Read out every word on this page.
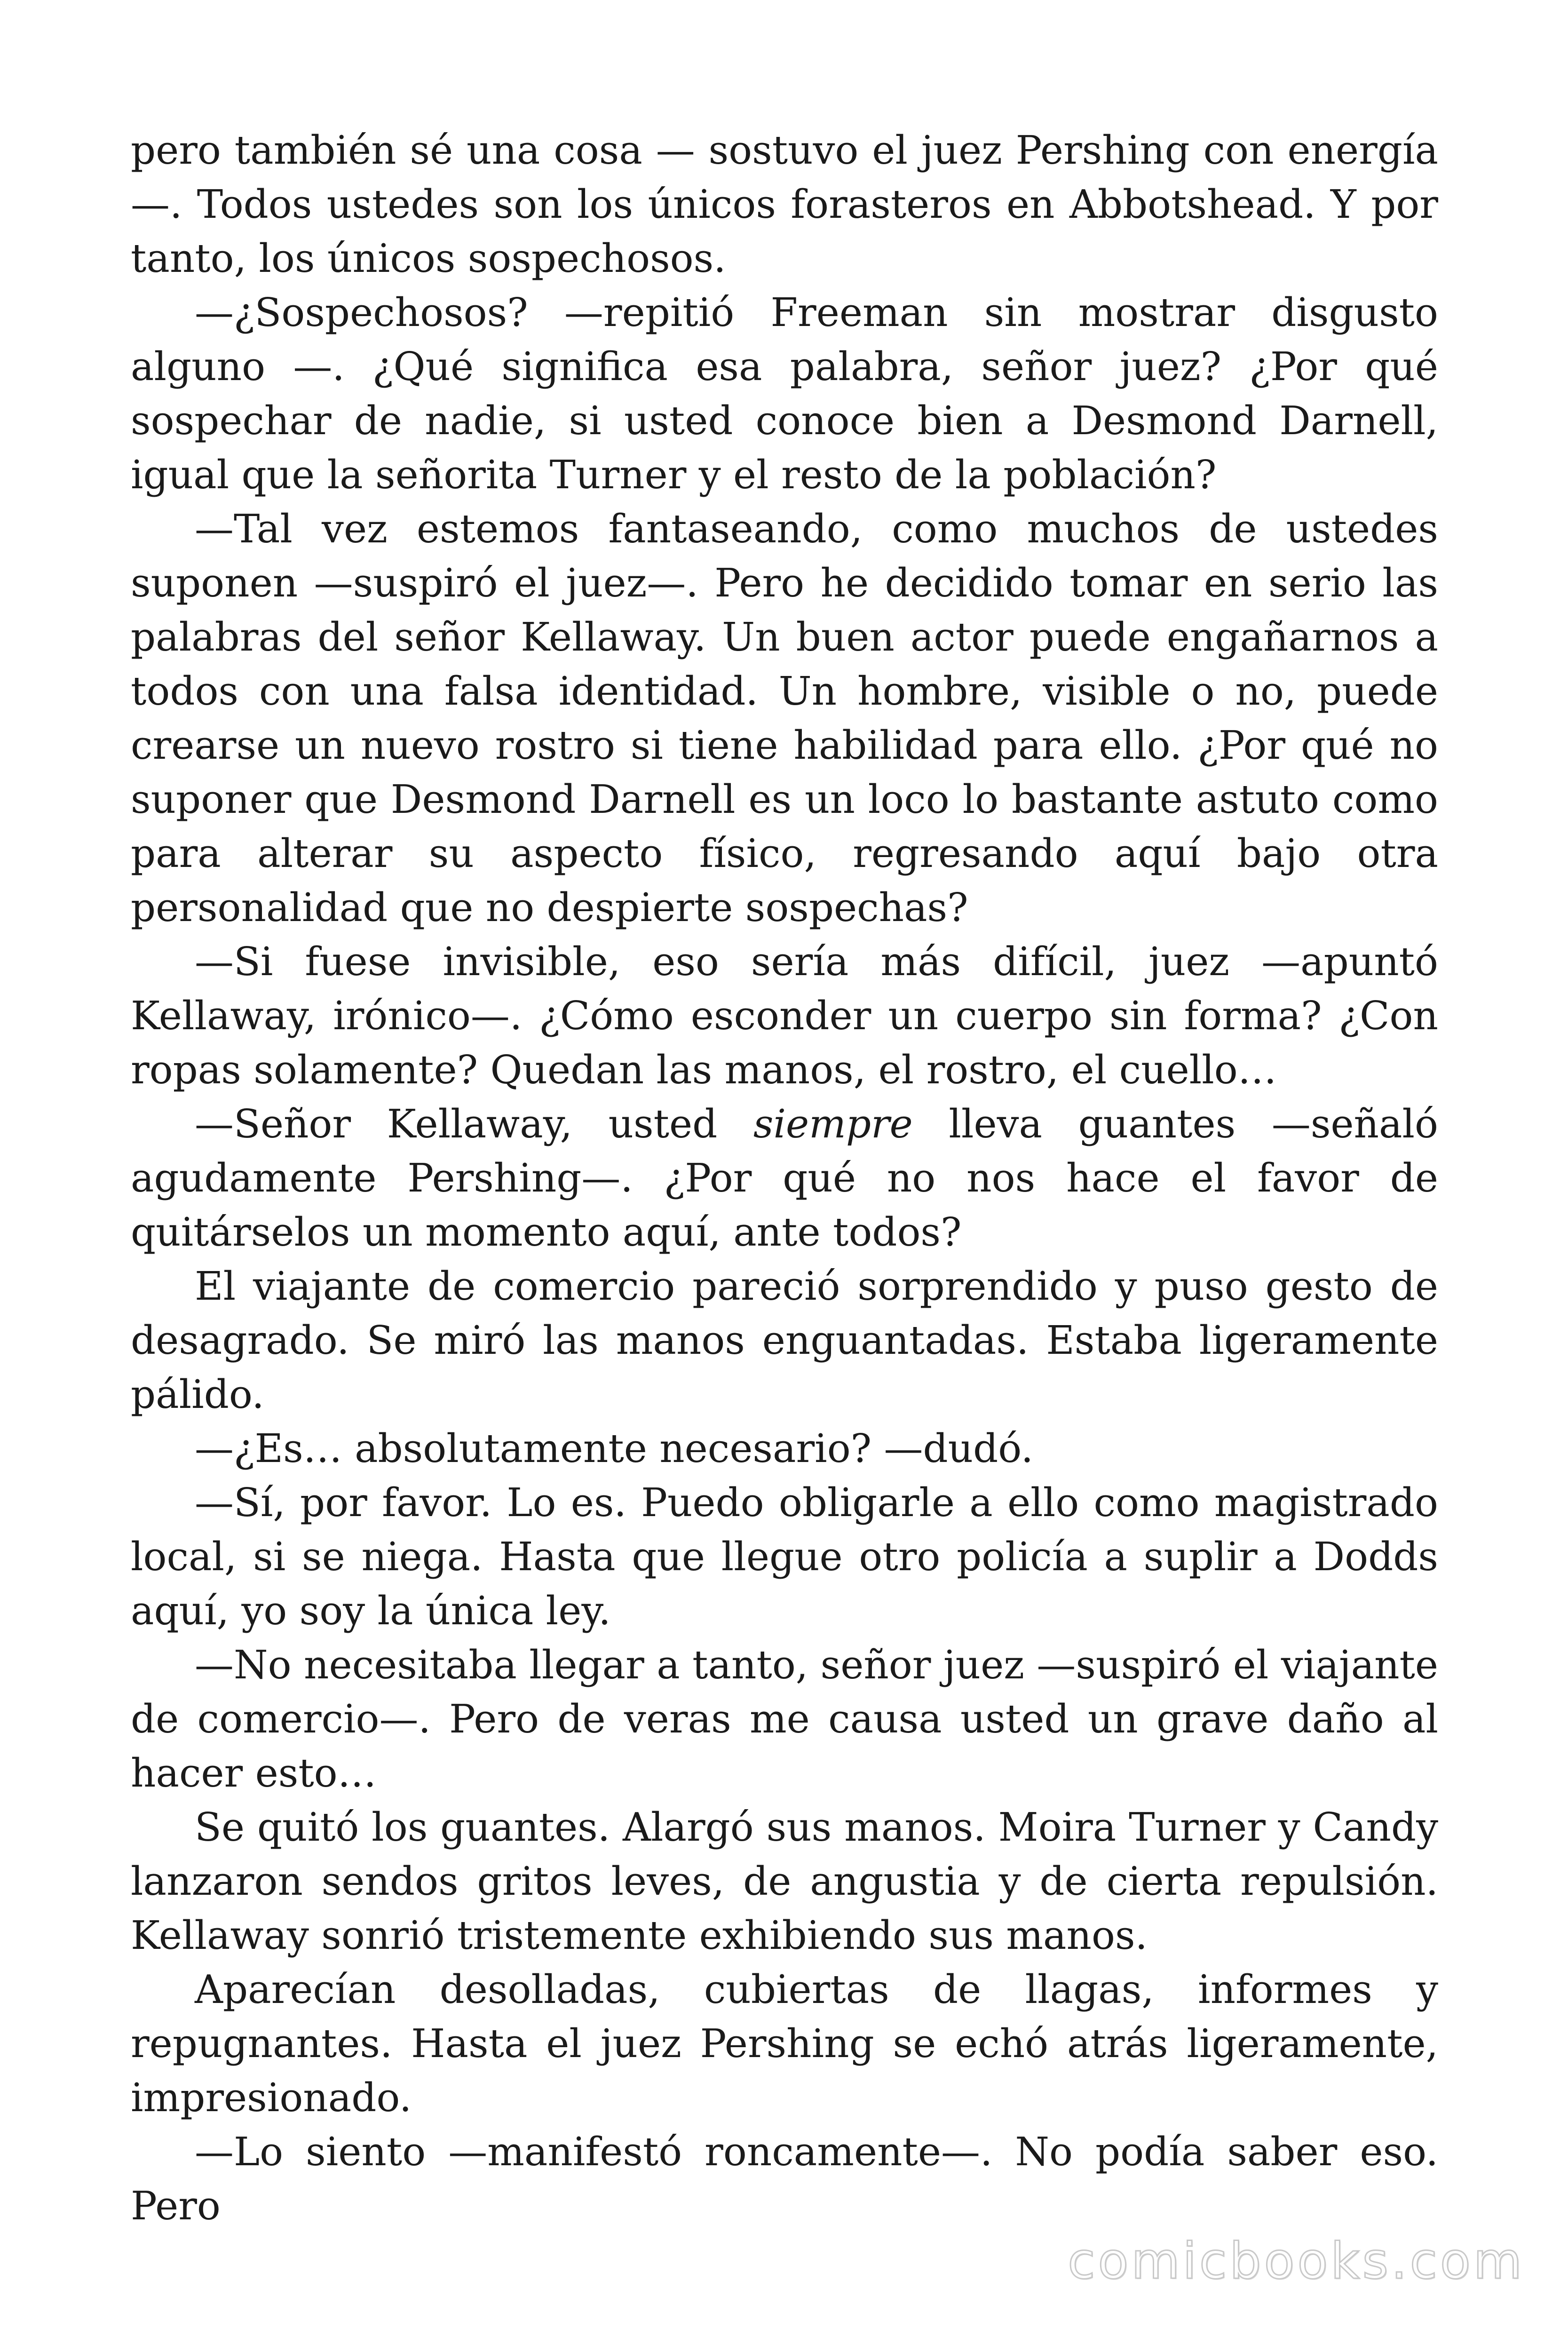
pero también sé una cosa — sostuvo el juez Pershing con energía—. Todos ustedes son los únicos forasteros en Abbotshead. Y por tanto, los únicos sospechosos.

—¿Sospechosos? —repitió Freeman sin mostrar disgusto alguno —. ¿Qué significa esa palabra, señor juez? ¿Por qué sospechar de nadie, si usted conoce bien a Desmond Darnell, igual que la señorita Turner y el resto de la población?

—Tal vez estemos fantaseando, como muchos de ustedes suponen —suspiró el juez—. Pero he decidido tomar en serio las palabras del señor Kellaway. Un buen actor puede engañarnos a todos con una falsa identidad. Un hombre, visible o no, puede crearse un nuevo rostro si tiene habilidad para ello. ¿Por qué no suponer que Desmond Darnell es un loco lo bastante astuto como para alterar su aspecto físico, regresando aquí bajo otra personalidad que no despierte sospechas?

—Si fuese invisible, eso sería más difícil, juez —apuntó Kellaway, irónico—. ¿Cómo esconder un cuerpo sin forma? ¿Con ropas solamente? Quedan las manos, el rostro, el cuello…

—Señor Kellaway, usted siempre lleva guantes —señaló agudamente Pershing—. ¿Por qué no nos hace el favor de quitárselos un momento aquí, ante todos?

El viajante de comercio pareció sorprendido y puso gesto de desagrado. Se miró las manos enguantadas. Estaba ligeramente pálido.

—¿Es… absolutamente necesario? —dudó.

—Sí, por favor. Lo es. Puedo obligarle a ello como magistrado local, si se niega. Hasta que llegue otro policía a suplir a Dodds aquí, yo soy la única ley.

—No necesitaba llegar a tanto, señor juez —suspiró el viajante de comercio—. Pero de veras me causa usted un grave daño al hacer esto…

Se quitó los guantes. Alargó sus manos. Moira Turner y Candy lanzaron sendos gritos leves, de angustia y de cierta repulsión. Kellaway sonrió tristemente exhibiendo sus manos.

Aparecían desolladas, cubiertas de llagas, informes y repugnantes. Hasta el juez Pershing se echó atrás ligeramente, impresionado.

—Lo siento —manifestó roncamente—. No podía saber eso. Pero

comicbooks.com
